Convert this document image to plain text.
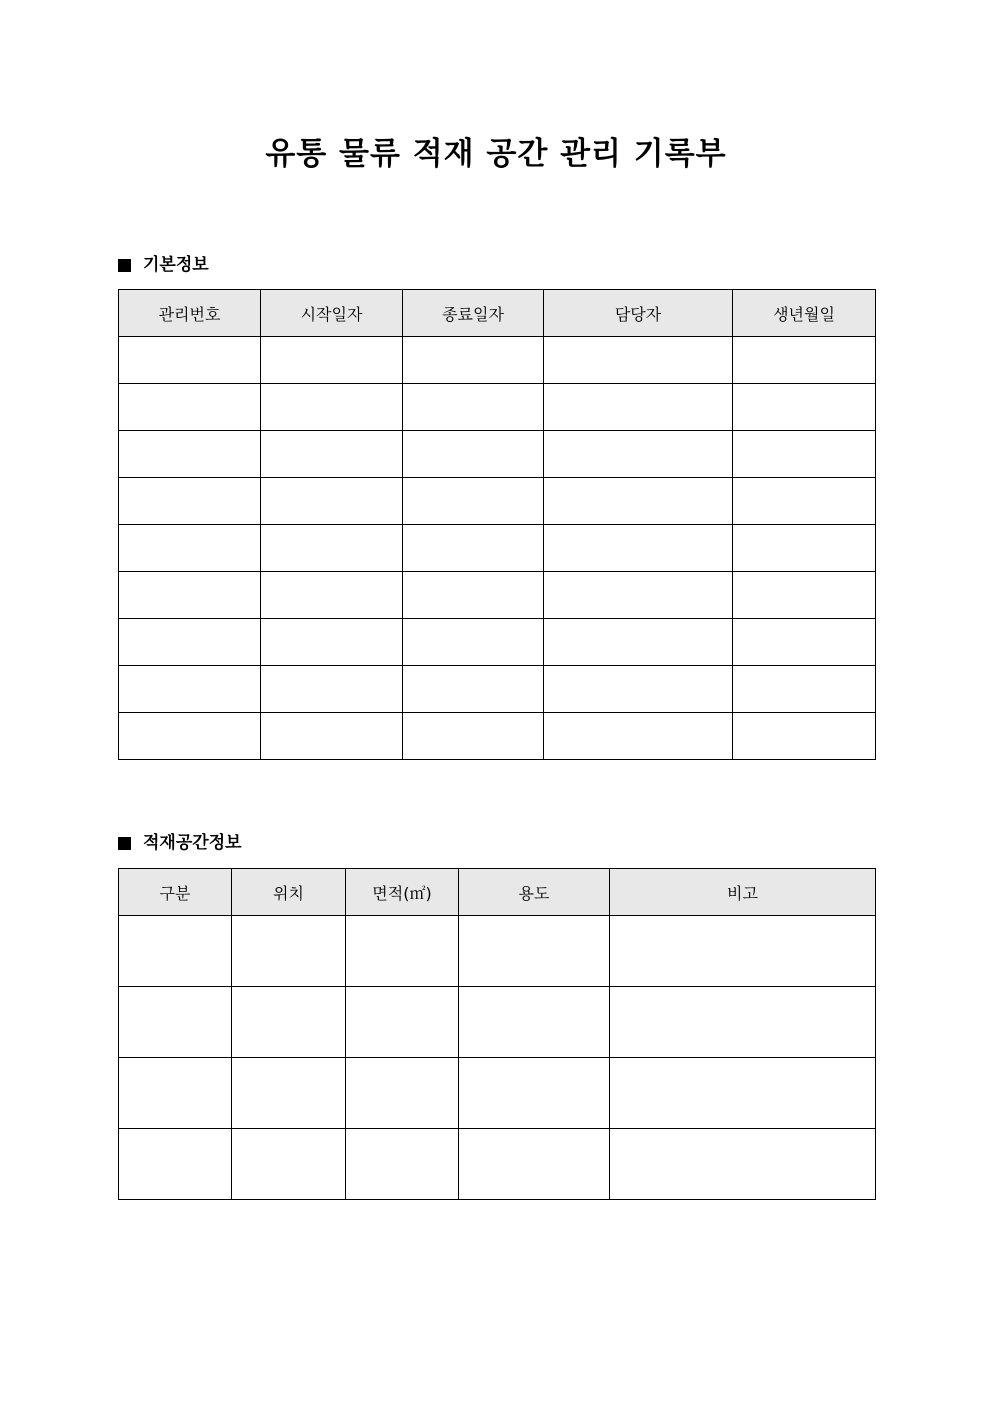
유통 물류 적재 공간 관리 기록부
기본정보
관리번호	시작일자	종료일자	담당자	생년월일

적재공간정보
구분	위치	면적(㎡)	용도	비고
